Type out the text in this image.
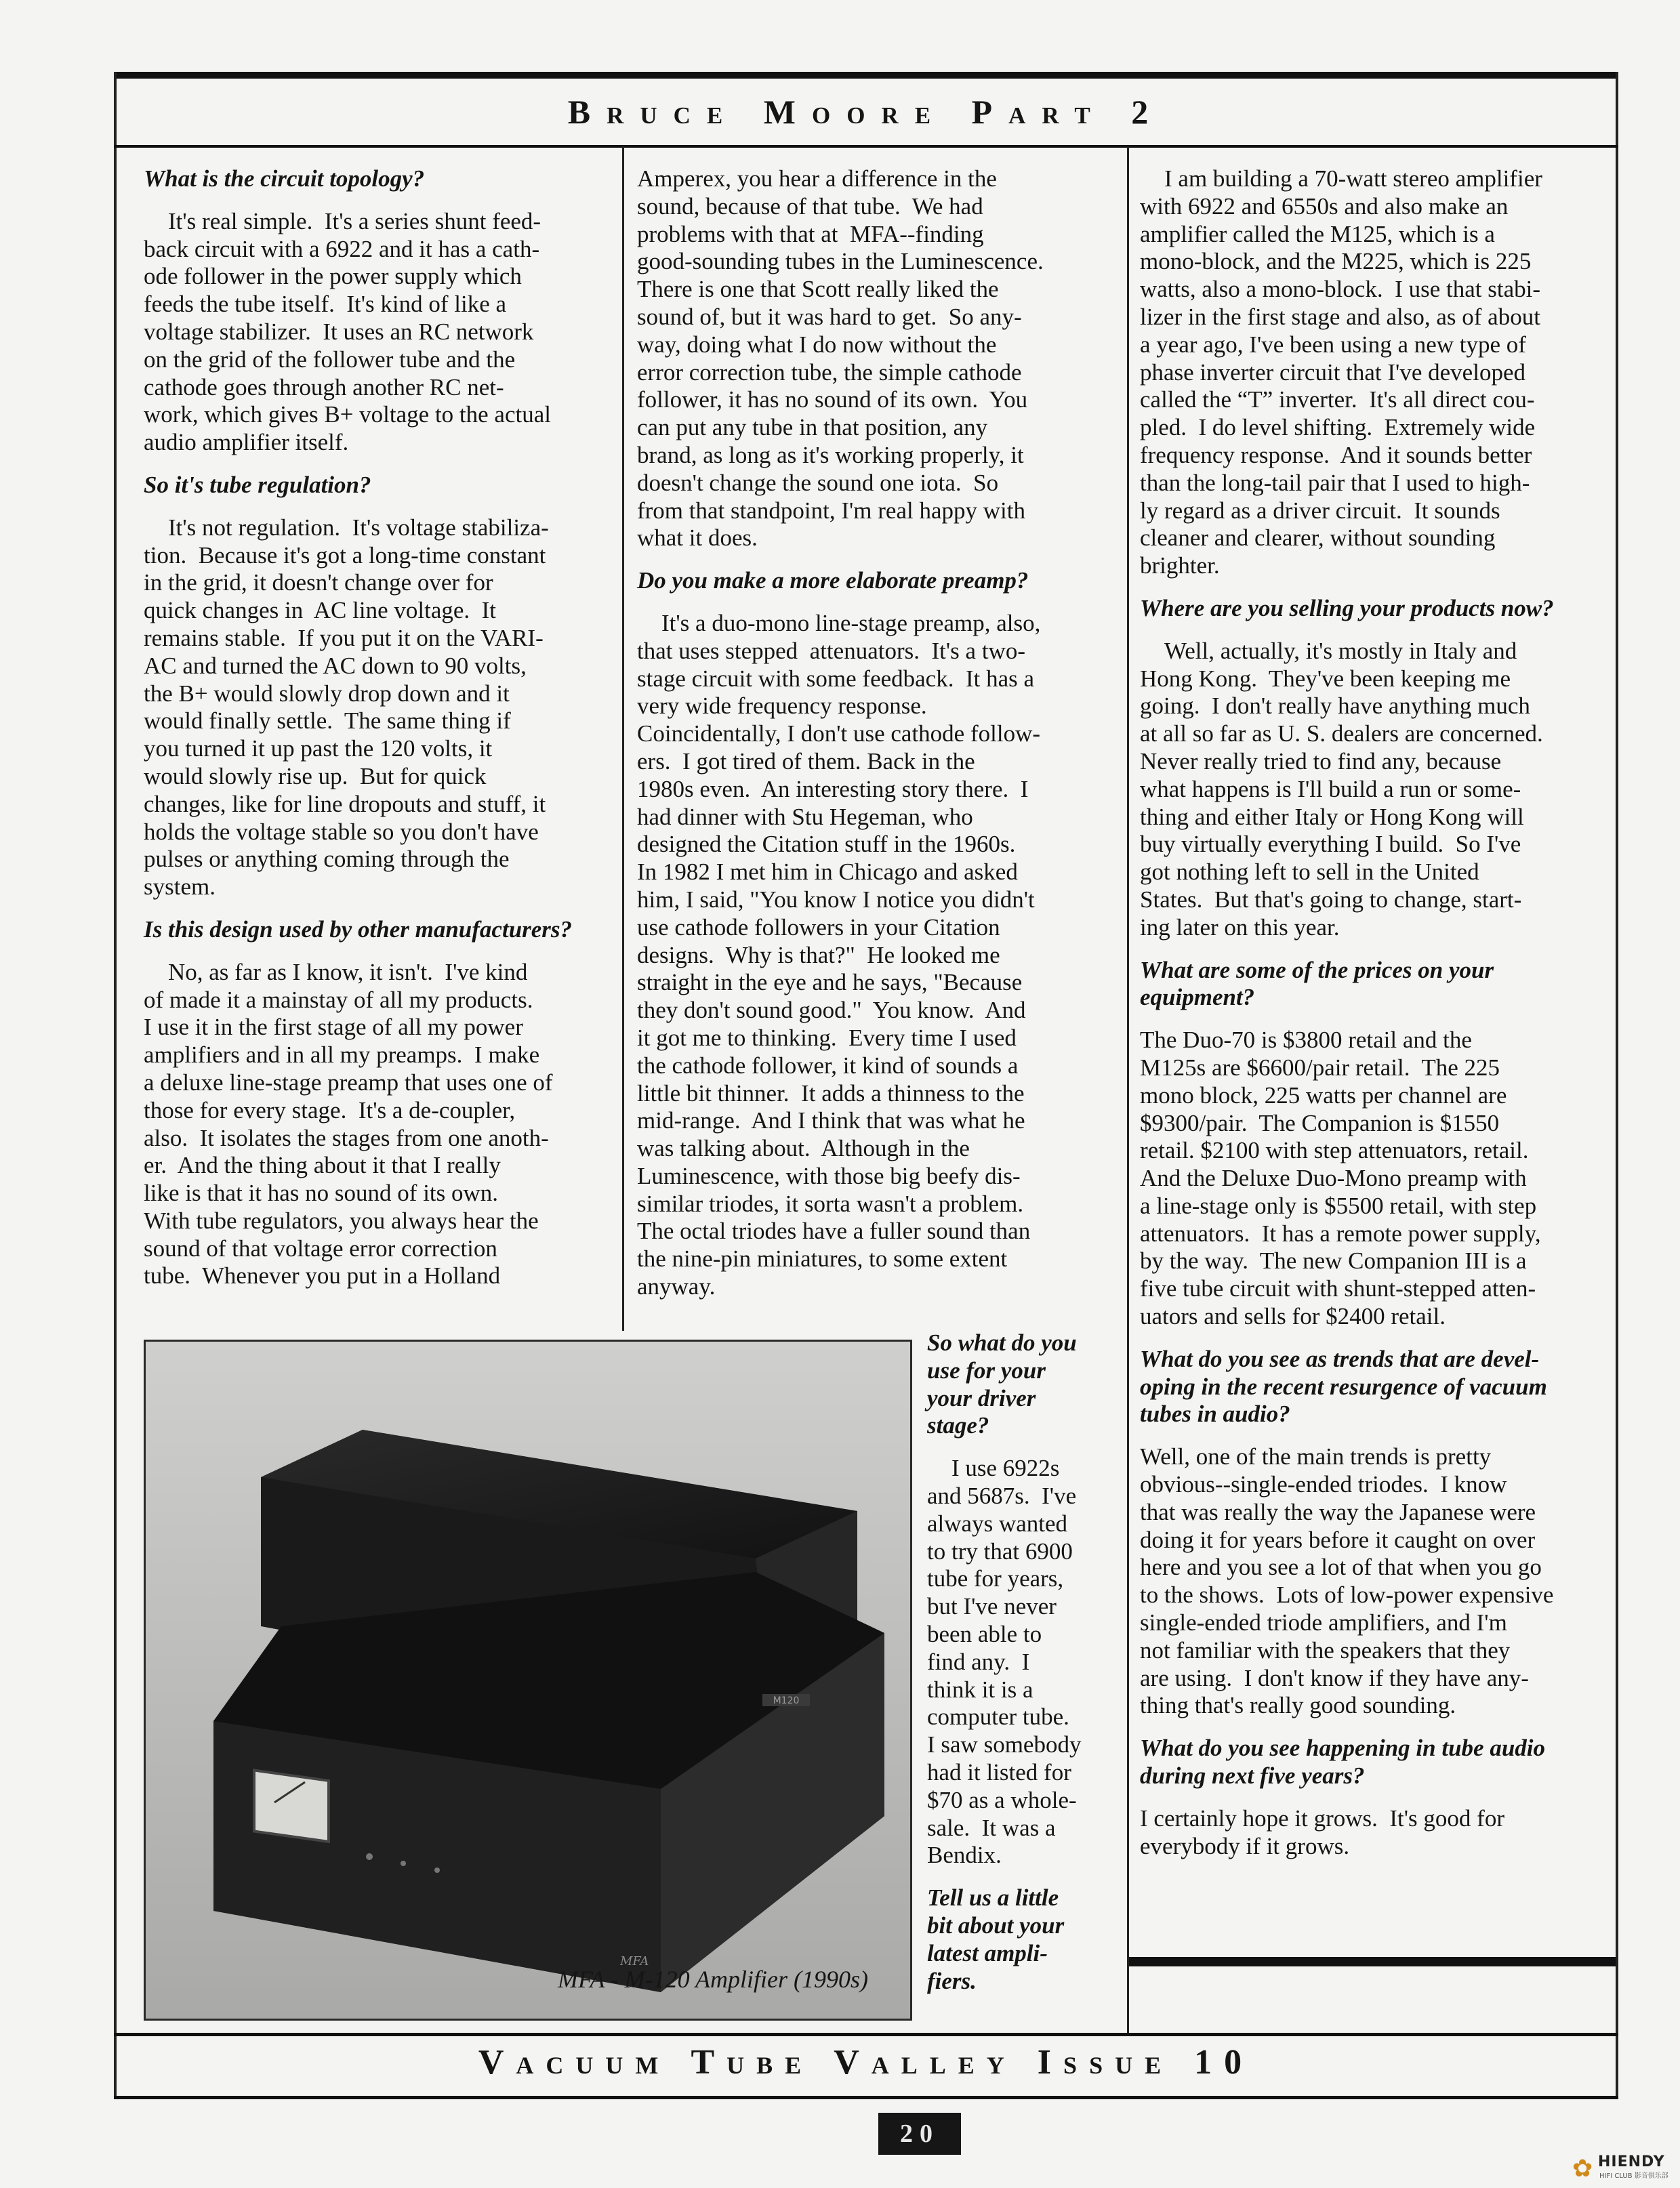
Bruce Moore Part 2
What is the circuit topology?
It's real simple.  It's a series shunt feed-
back circuit with a 6922 and it has a cath-
ode follower in the power supply which
feeds the tube itself.  It's kind of like a
voltage stabilizer.  It uses an RC network
on the grid of the follower tube and the
cathode goes through another RC net-
work, which gives B+ voltage to the actual
audio amplifier itself.
So it's tube regulation?
It's not regulation.  It's voltage stabiliza-
tion.  Because it's got a long-time constant
in the grid, it doesn't change over for
quick changes in  AC line voltage.  It
remains stable.  If you put it on the VARI-
AC and turned the AC down to 90 volts,
the B+ would slowly drop down and it
would finally settle.  The same thing if
you turned it up past the 120 volts, it
would slowly rise up.  But for quick
changes, like for line dropouts and stuff, it
holds the voltage stable so you don't have
pulses or anything coming through the
system.
Is this design used by other manufacturers?
No, as far as I know, it isn't.  I've kind
of made it a mainstay of all my products.
I use it in the first stage of all my power
amplifiers and in all my preamps.  I make
a deluxe line-stage preamp that uses one of
those for every stage.  It's a de-coupler,
also.  It isolates the stages from one anoth-
er.  And the thing about it that I really
like is that it has no sound of its own.
With tube regulators, you always hear the
sound of that voltage error correction
tube.  Whenever you put in a Holland
Amperex, you hear a difference in the
sound, because of that tube.  We had
problems with that at  MFA--finding
good-sounding tubes in the Luminescence.
There is one that Scott really liked the
sound of, but it was hard to get.  So any-
way, doing what I do now without the
error correction tube, the simple cathode
follower, it has no sound of its own.  You
can put any tube in that position, any
brand, as long as it's working properly, it
doesn't change the sound one iota.  So
from that standpoint, I'm real happy with
what it does.
Do you make a more elaborate preamp?
It's a duo-mono line-stage preamp, also,
that uses stepped  attenuators.  It's a two-
stage circuit with some feedback.  It has a
very wide frequency response.
Coincidentally, I don't use cathode follow-
ers.  I got tired of them. Back in the
1980s even.  An interesting story there.  I
had dinner with Stu Hegeman, who
designed the Citation stuff in the 1960s.
In 1982 I met him in Chicago and asked
him, I said, "You know I notice you didn't
use cathode followers in your Citation
designs.  Why is that?"  He looked me
straight in the eye and he says, "Because
they don't sound good."  You know.  And
it got me to thinking.  Every time I used
the cathode follower, it kind of sounds a
little bit thinner.  It adds a thinness to the
mid-range.  And I think that was what he
was talking about.  Although in the
Luminescence, with those big beefy dis-
similar triodes, it sorta wasn't a problem.
The octal triodes have a fuller sound than
the nine-pin miniatures, to some extent
anyway.
So what do you
use for your
your driver
stage?
I use 6922s
and 5687s.  I've
always wanted
to try that 6900
tube for years,
but I've never
been able to
find any.  I
think it is a
computer tube.
I saw somebody
had it listed for
$70 as a whole-
sale.  It was a
Bendix.
Tell us a little
bit about your
latest ampli-
fiers.
I am building a 70-watt stereo amplifier
with 6922 and 6550s and also make an
amplifier called the M125, which is a
mono-block, and the M225, which is 225
watts, also a mono-block.  I use that stabi-
lizer in the first stage and also, as of about
a year ago, I've been using a new type of
phase inverter circuit that I've developed
called the “T” inverter.  It's all direct cou-
pled.  I do level shifting.  Extremely wide
frequency response.  And it sounds better
than the long-tail pair that I used to high-
ly regard as a driver circuit.  It sounds
cleaner and clearer, without sounding
brighter.
Where are you selling your products now?
Well, actually, it's mostly in Italy and
Hong Kong.  They've been keeping me
going.  I don't really have anything much
at all so far as U. S. dealers are concerned.
Never really tried to find any, because
what happens is I'll build a run or some-
thing and either Italy or Hong Kong will
buy virtually everything I build.  So I've
got nothing left to sell in the United
States.  But that's going to change, start-
ing later on this year.
What are some of the prices on your
equipment?
The Duo-70 is $3800 retail and the
M125s are $6600/pair retail.  The 225
mono block, 225 watts per channel are
$9300/pair.  The Companion is $1550
retail. $2100 with step attenuators, retail.
And the Deluxe Duo-Mono preamp with
a line-stage only is $5500 retail, with step
attenuators.  It has a remote power supply,
by the way.  The new Companion III is a
five tube circuit with shunt-stepped atten-
uators and sells for $2400 retail.
What do you see as trends that are devel-
oping in the recent resurgence of vacuum
tubes in audio?
Well, one of the main trends is pretty
obvious--single-ended triodes.  I know
that was really the way the Japanese were
doing it for years before it caught on over
here and you see a lot of that when you go
to the shows.  Lots of low-power expensive
single-ended triode amplifiers, and I'm
not familiar with the speakers that they
are using.  I don't know if they have any-
thing that's really good sounding.
What do you see happening in tube audio
during next five years?
I certainly hope it grows.  It's good for
everybody if it grows.
M120
MFA
MFA - M-120 Amplifier (1990s)
Vacuum Tube Valley Issue 10
20
✿ HIENDY
HIFI CLUB 影音俱乐部
